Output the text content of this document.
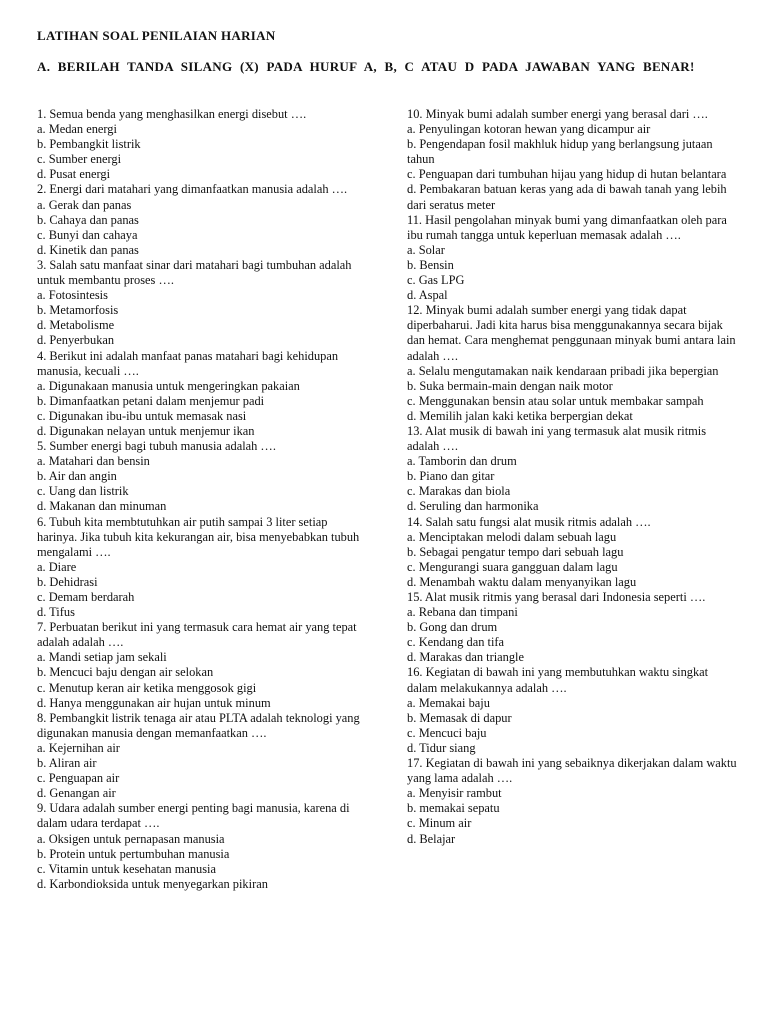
LATIHAN SOAL PENILAIAN HARIAN
A. BERILAH TANDA SILANG (X) PADA HURUF A, B, C ATAU D PADA JAWABAN YANG BENAR!

1. Semua benda yang menghasilkan energi disebut ….

a. Medan energi

b. Pembangkit listrik

c. Sumber energi

d. Pusat energi

2. Energi dari matahari yang dimanfaatkan manusia adalah ….

a. Gerak dan panas

b. Cahaya dan panas

c. Bunyi dan cahaya

d. Kinetik dan panas

3. Salah satu manfaat sinar dari matahari bagi tumbuhan adalah untuk membantu proses ….

a. Fotosintesis

b. Metamorfosis

d. Metabolisme

d. Penyerbukan

4. Berikut ini adalah manfaat panas matahari bagi kehidupan manusia, kecuali ….

a. Digunakaan manusia untuk mengeringkan pakaian

b. Dimanfaatkan petani dalam menjemur padi

c. Digunakan ibu-ibu untuk memasak nasi

d. Digunakan nelayan untuk menjemur ikan

5. Sumber energi bagi tubuh manusia adalah ….

a. Matahari dan bensin

b. Air dan angin

c. Uang dan listrik

d. Makanan dan minuman

6. Tubuh kita membtutuhkan air putih sampai 3 liter setiap harinya. Jika tubuh kita kekurangan air, bisa menyebabkan tubuh mengalami ….

a. Diare

b. Dehidrasi

c. Demam berdarah

d. Tifus

7. Perbuatan berikut ini yang termasuk cara hemat air yang tepat adalah adalah ….

a. Mandi setiap jam sekali

b. Mencuci baju dengan air selokan

c. Menutup keran air ketika menggosok gigi

d. Hanya menggunakan air hujan untuk minum

8. Pembangkit listrik tenaga air atau PLTA adalah teknologi yang digunakan manusia dengan memanfaatkan ….

a. Kejernihan air

b. Aliran air

c. Penguapan air

d. Genangan air

9. Udara adalah sumber energi penting bagi manusia, karena di dalam udara terdapat ….

a. Oksigen untuk pernapasan manusia

b. Protein untuk pertumbuhan manusia

c. Vitamin untuk kesehatan manusia

d. Karbondioksida untuk menyegarkan pikiran

10. Minyak bumi adalah sumber energi yang berasal dari ….

a. Penyulingan kotoran hewan yang dicampur air

b. Pengendapan fosil makhluk hidup yang berlangsung jutaan tahun

c. Penguapan dari tumbuhan hijau yang hidup di hutan belantara

d. Pembakaran batuan keras yang ada di bawah tanah yang lebih dari seratus meter

11. Hasil pengolahan minyak bumi yang dimanfaatkan oleh para ibu rumah tangga untuk keperluan memasak adalah ….

a. Solar

b. Bensin

c. Gas LPG

d. Aspal

12. Minyak bumi adalah sumber energi yang tidak dapat diperbaharui. Jadi kita harus bisa menggunakannya secara bijak dan hemat. Cara menghemat penggunaan minyak bumi antara lain adalah ….

a. Selalu mengutamakan naik kendaraan pribadi jika bepergian

b. Suka bermain-main dengan naik motor

c. Menggunakan bensin atau solar untuk membakar sampah

d. Memilih jalan kaki ketika berpergian dekat

13. Alat musik di bawah ini yang termasuk alat musik ritmis adalah ….

a. Tamborin dan drum

b. Piano dan gitar

c. Marakas dan biola

d. Seruling dan harmonika

14. Salah satu fungsi alat musik ritmis adalah ….

a. Menciptakan melodi dalam sebuah lagu

b. Sebagai pengatur tempo dari sebuah lagu

c. Mengurangi suara gangguan dalam lagu

d. Menambah waktu dalam menyanyikan lagu

15. Alat musik ritmis yang berasal dari Indonesia seperti ….

a. Rebana dan timpani

b. Gong dan drum

c. Kendang dan tifa

d. Marakas dan triangle

16. Kegiatan di bawah ini yang membutuhkan waktu singkat dalam melakukannya adalah ….

a. Memakai baju

b. Memasak di dapur

c. Mencuci baju

d. Tidur siang

17. Kegiatan di bawah ini yang sebaiknya dikerjakan dalam waktu yang lama adalah ….

a. Menyisir rambut

b. memakai sepatu

c. Minum air

d. Belajar
